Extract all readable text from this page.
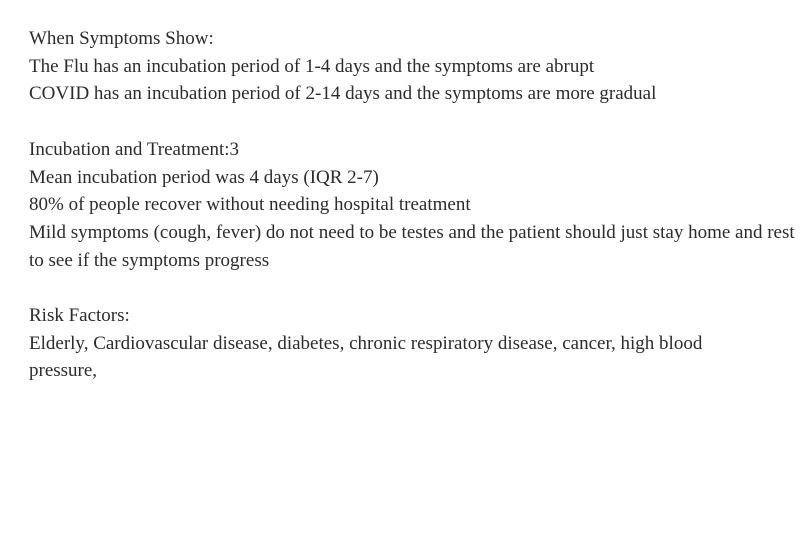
When Symptoms Show:
The Flu has an incubation period of 1-4 days and the symptoms are abrupt
COVID has an incubation period of 2-14 days and the symptoms are more gradual
Incubation and Treatment:3
Mean incubation period was 4 days (IQR 2-7)
80% of people recover without needing hospital treatment
Mild symptoms (cough, fever) do not need to be testes and the patient should just stay home and rest to see if the symptoms progress
Risk Factors:
Elderly, Cardiovascular disease, diabetes, chronic respiratory disease, cancer, high blood pressure,
